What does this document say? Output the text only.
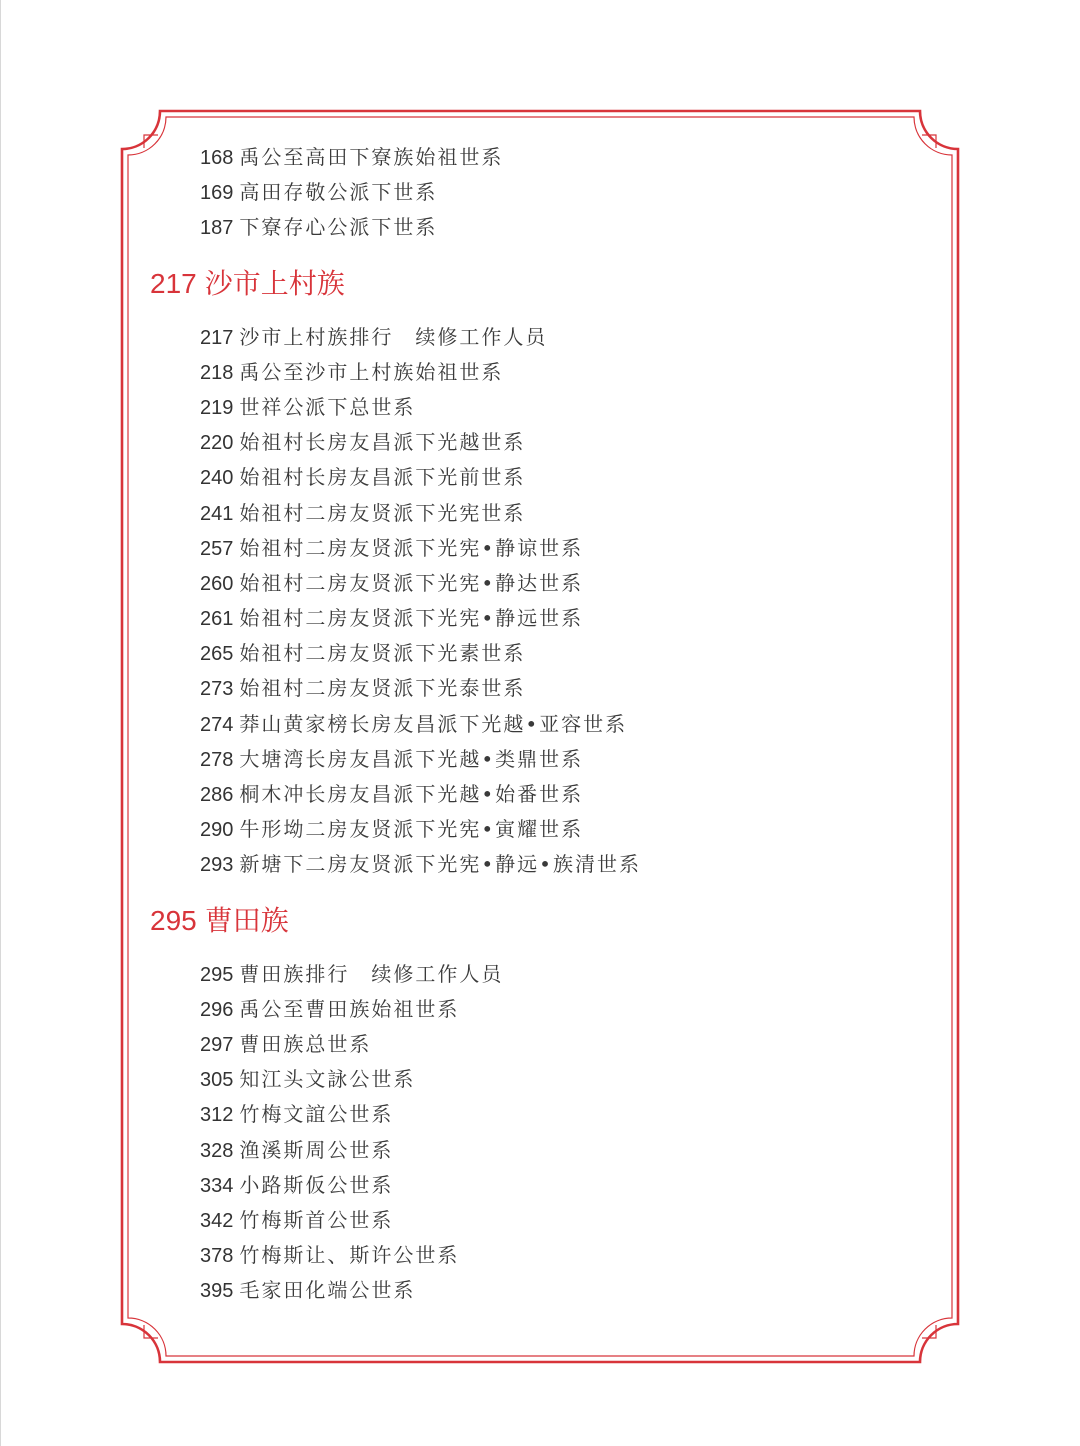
168 禹公至高田下寮族始祖世系
169 高田存敬公派下世系
187 下寮存心公派下世系
217 沙市上村族
217 沙市上村族排行　续修工作人员
218 禹公至沙市上村族始祖世系
219 世祥公派下总世系
220 始祖村长房友昌派下光越世系
240 始祖村长房友昌派下光前世系
241 始祖村二房友贤派下光宪世系
257 始祖村二房友贤派下光宪•静谅世系
260 始祖村二房友贤派下光宪•静达世系
261 始祖村二房友贤派下光宪•静远世系
265 始祖村二房友贤派下光素世系
273 始祖村二房友贤派下光泰世系
274 莽山黄家榜长房友昌派下光越•亚容世系
278 大塘湾长房友昌派下光越•类鼎世系
286 桐木冲长房友昌派下光越•始番世系
290 牛形坳二房友贤派下光宪•寅耀世系
293 新塘下二房友贤派下光宪•静远•族清世系
295 曹田族
295 曹田族排行　续修工作人员
296 禹公至曹田族始祖世系
297 曹田族总世系
305 知江头文詠公世系
312 竹梅文誼公世系
328 渔溪斯周公世系
334 小路斯仮公世系
342 竹梅斯首公世系
378 竹梅斯让、斯许公世系
395 毛家田化端公世系
